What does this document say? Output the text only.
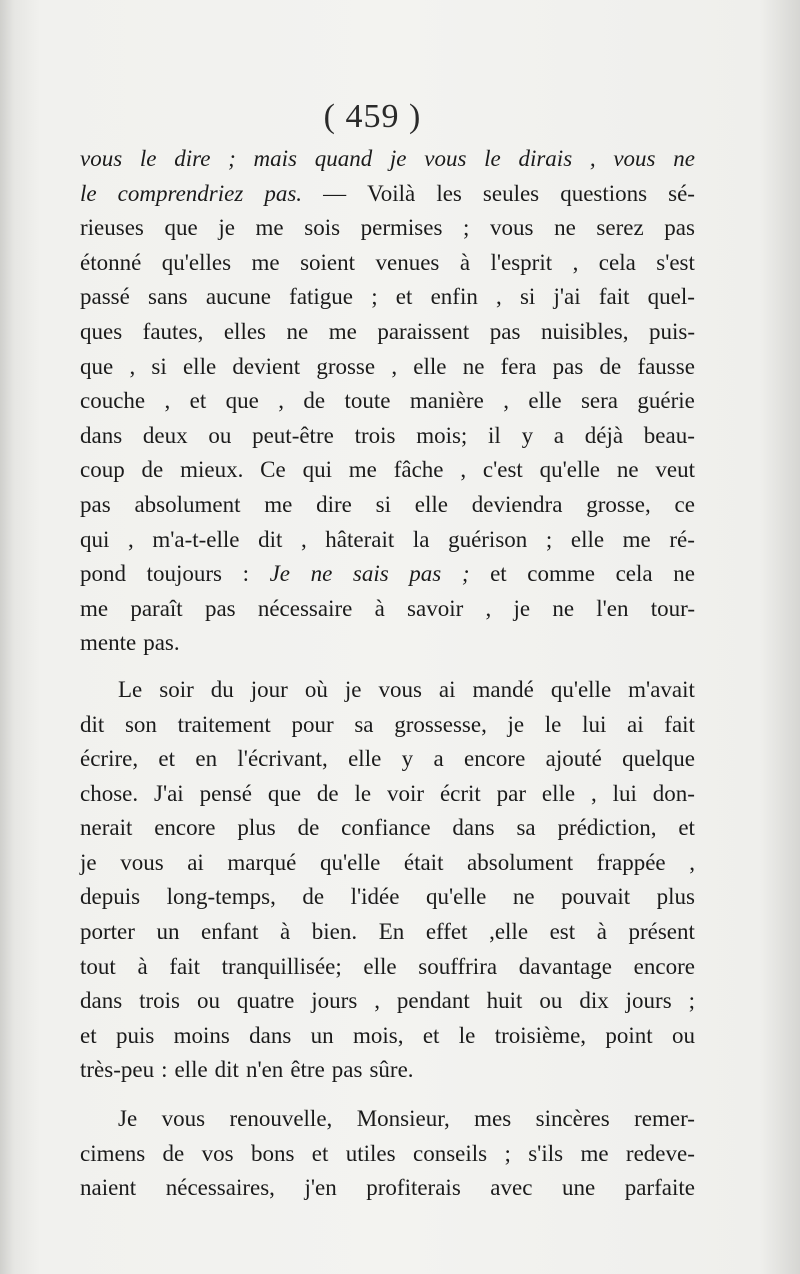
( 459 )
vous le dire ; mais quand je vous le dirais , vous ne
le comprendriez pas. — Voilà les seules questions sé-
rieuses que je me sois permises ; vous ne serez pas
étonné qu'elles me soient venues à l'esprit , cela s'est
passé sans aucune fatigue ; et enfin , si j'ai fait quel-
ques fautes, elles ne me paraissent pas nuisibles, puis-
que , si elle devient grosse , elle ne fera pas de fausse
couche , et que , de toute manière , elle sera guérie
dans deux ou peut-être trois mois; il y a déjà beau-
coup de mieux. Ce qui me fâche , c'est qu'elle ne veut
pas absolument me dire si elle deviendra grosse, ce
qui , m'a-t-elle dit , hâterait la guérison ; elle me ré-
pond toujours : Je ne sais pas ; et comme cela ne
me paraît pas nécessaire à savoir , je ne l'en tour-
mente pas.
Le soir du jour où je vous ai mandé qu'elle m'avait
dit son traitement pour sa grossesse, je le lui ai fait
écrire, et en l'écrivant, elle y a encore ajouté quelque
chose. J'ai pensé que de le voir écrit par elle , lui don-
nerait encore plus de confiance dans sa prédiction, et
je vous ai marqué qu'elle était absolument frappée ,
depuis long-temps, de l'idée qu'elle ne pouvait plus
porter un enfant à bien. En effet ,elle est à présent
tout à fait tranquillisée; elle souffrira davantage encore
dans trois ou quatre jours , pendant huit ou dix jours ;
et puis moins dans un mois, et le troisième, point ou
très-peu : elle dit n'en être pas sûre.
Je vous renouvelle, Monsieur, mes sincères remer-
cimens de vos bons et utiles conseils ; s'ils me redeve-
naient nécessaires, j'en profiterais avec une parfaite
